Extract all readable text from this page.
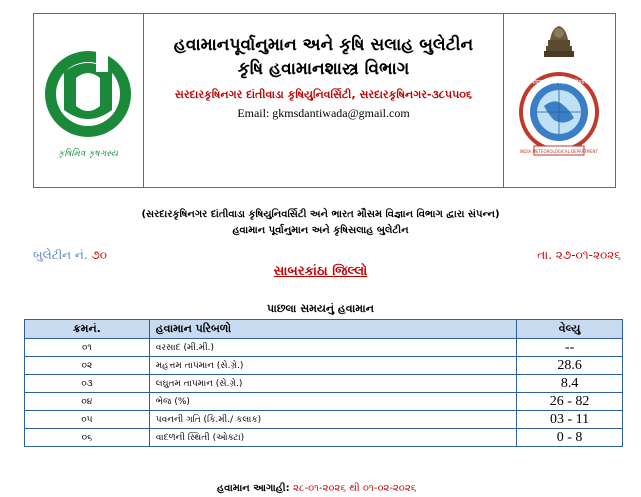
કૃષિમિત્ર કૃષગસ્ય
હવામાનપૂર્વાનુમાન અને કૃષિ સલાહ બુલેટીન
કૃષિ હવામાનશાસ્ત્ર વિભાગ
સરદારકૃષિનગર દાંતીવાડા કૃષિયુનિવર્સિટી, સરદારકૃષિનગર-૩૮૫૫૦૬
Email: gkmsdantiwada@gmail.com
भारत मौसम विज्ञान विभाग
INDIA METEOROLOGICAL DEPARTMENT
(સરદારકૃષિનગર દાંતીવાડા કૃષિયુનિવર્સિટી અને ભારત મૌસમ વિજ્ઞાન વિભાગ દ્વારા સંપન્ન)
હવામાન પૂર્વાનુમાન અને કૃષિસલાહ બુલેટીન
બુલેટીન નં. ૭૦	તા. ૨૭-૦૧-૨૦૨૬
સાબરકાંઠા જિલ્લો
પાછલા સમયનું હવામાન
ક્રમનં.	હવામાન પરિબળો	વેલ્યુ
૦૧	વરસાદ (મી.મી.)	--
૦૨	મહત્તમ તાપમાન (સે.ગ્રે.)	28.6
૦૩	લઘુતમ તાપમાન (સે.ગ્રે.)	8.4
૦૪	ભેજ (%)	26 - 82
૦૫	પવનની ગતિ (કિ.મી./ કલાક)	03 - 11
૦૬	વાદળની સ્થિતી (ઓક્ટા)	0 - 8
હવામાન આગાહી: ૨૮-૦૧-૨૦૨૬ થી ૦૧-૦૨-૨૦૨૬
